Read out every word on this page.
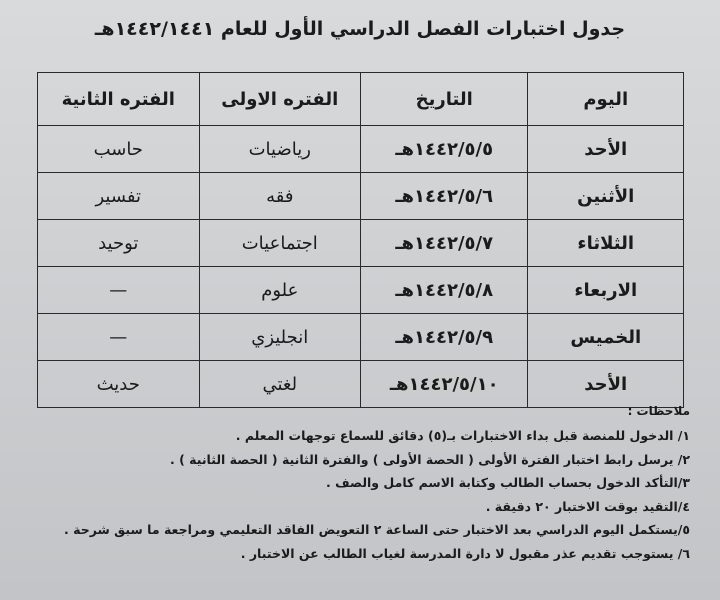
جدول اختبارات الفصل الدراسي الأول للعام ١٤٤٢/١٤٤١هـ
اليوم	التاريخ	الفتره الاولى	الفتره الثانية
الأحد	١٤٤٢/٥/٥هـ	رياضيات	حاسب
الأثنين	١٤٤٢/٥/٦هـ	فقه	تفسير
الثلاثاء	١٤٤٢/٥/٧هـ	اجتماعيات	توحيد
الاربعاء	١٤٤٢/٥/٨هـ	علوم	—
الخميس	١٤٤٢/٥/٩هـ	انجليزي	—
الأحد	١٤٤٢/٥/١٠هـ	لغتي	حديث
ملاحظات :
١/ الدخول للمنصة قبل بداء الاختبارات بـ(٥) دقائق للسماع توجهات المعلم .
٢/ يرسل رابط اختبار الفترة الأولى ( الحصة الأولى ) والفترة الثانية ( الحصة الثانية ) .
٣/التأكد الدخول بحساب الطالب وكتابة الاسم كامل والصف .
٤/التقيد بوقت الاختبار ٢٠ دقيقة .
٥/يستكمل اليوم الدراسي بعد الاختبار حتى الساعة ٢ التعويض الفاقد التعليمي ومراجعة ما سبق شرحة .
٦/ يستوجب تقديم عذر مقبول لا دارة المدرسة لغياب الطالب عن الاختبار .
